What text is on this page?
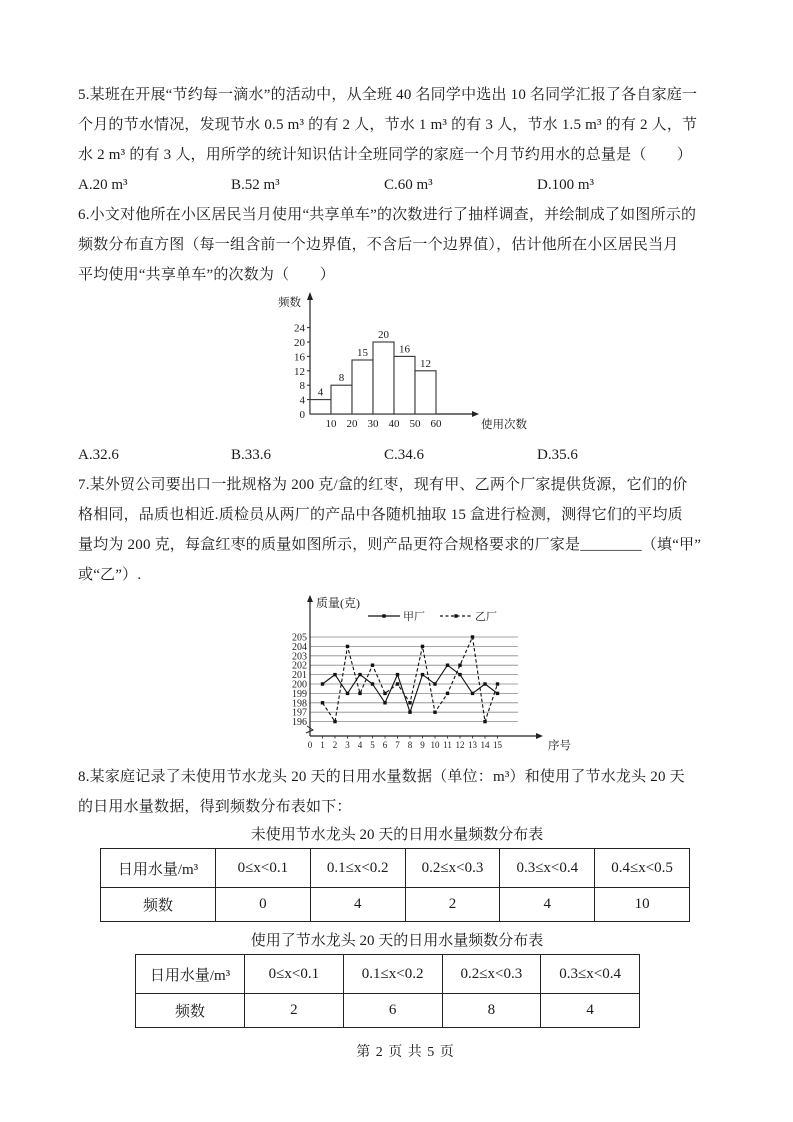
5.某班在开展“节约每一滴水”的活动中，从全班 40 名同学中选出 10 名同学汇报了各自家庭一
个月的节水情况，发现节水 0.5 m³ 的有 2 人，节水 1 m³ 的有 3 人，节水 1.5 m³ 的有 2 人，节
水 2 m³ 的有 3 人，用所学的统计知识估计全班同学的家庭一个月节约用水的总量是（　　）
A.20 m³	B.52 m³	C.60 m³	D.100 m³
6.小文对他所在小区居民当月使用“共享单车”的次数进行了抽样调查，并绘制成了如图所示的
频数分布直方图（每一组含前一个边界值，不含后一个边界值），估计他所在小区居民当月
平均使用“共享单车”的次数为（　　）
0
4
8
12
16
20
24
4
8
15
20
16
12
10 20 30 40 50 60
频数
使用次数
A.32.6	B.33.6	C.34.6	D.35.6
7.某外贸公司要出口一批规格为 200 克/盒的红枣，现有甲、乙两个厂家提供货源，它们的价
格相同，品质也相近.质检员从两厂的产品中各随机抽取 15 盒进行检测，测得它们的平均质
量均为 200 克，每盒红枣的质量如图所示，则产品更符合规格要求的厂家是________（填“甲”
或“乙”）.
196
197
198
199
200
201
202
203
204
205
0 1 2 3 4 5 6 7 8 9 10 11 12 13 14 15
质量(克)
序号
甲厂	乙厂
8.某家庭记录了未使用节水龙头 20 天的日用水量数据（单位：m³）和使用了节水龙头 20 天
的日用水量数据，得到频数分布表如下：
未使用节水龙头 20 天的日用水量频数分布表
日用水量/m³	0≤x<0.1	0.1≤x<0.2	0.2≤x<0.3	0.3≤x<0.4	0.4≤x<0.5
频数	0	4	2	4	10
使用了节水龙头 20 天的日用水量频数分布表
日用水量/m³	0≤x<0.1	0.1≤x<0.2	0.2≤x<0.3	0.3≤x<0.4
频数	2	6	8	4
第 2 页 共 5 页
